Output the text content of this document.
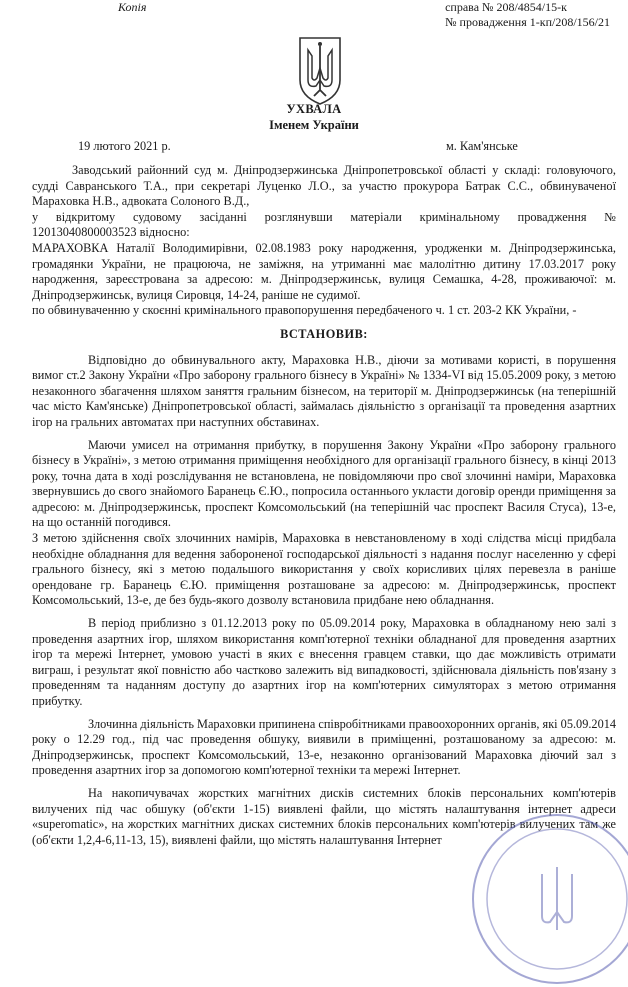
Копія	справа № 208/4854/15-к
№ провадження 1-кп/208/156/21
УХВАЛА
Іменем України
19 лютого 2021 р.	м. Кам'янське

Заводський районний суд м. Дніпродзержинська Дніпропетровської області у складі: головуючого, судді Савранського Т.А., при секретарі Луценко Л.О., за участю прокурора Батрак С.С., обвинуваченої Марахoвка Н.В., адвоката Солоного В.Д.,

у відкритому судовому засіданні розглянувши матеріали кримінальному провадження №

12013040800003523 відносно:

МАРАХОВКА Наталії Володимирівни, 02.08.1983 року народження, уродженки м. Дніпродзержинська, громадянки України, не працюючa, не заміжня, на утриманні має малолітню дитину 17.03.2017 року народження, зареєстрована за адресою: м. Дніпродзержинськ, вулиця Семашка, 4-28, проживаючої: м. Дніпродзержинськ, вулиця Сировця, 14-24, раніше не судимої.

по обвинуваченню у скоєнні кримінального правопорушення передбаченого ч. 1 ст. 203-2 КК України, -

ВСТАНОВИВ:

Відповідно до обвинувального акту, Марахoвка Н.В., діючи за мотивами користі, в порушення вимог ст.2 Закону України «Про заборону грального бізнесу в Україні» № 1334-VI від 15.05.2009 року, з метою незаконного збагачення шляхом заняття гральним бізнесом, на території м. Дніпродзержинськ (на теперішній час місто Кам'янське) Дніпропетровської області, займалась діяльністю з організації та проведення азартних ігор на гральних автоматах при наступних обставинах.

Маючи умисел на отримання прибутку, в порушення Закону України «Про заборону грального бізнесу в Україні», з метою отримання приміщення необхідного для організації грального бізнесу, в кінці 2013 року, точна дата в ході розслідування не встановлена, не повідомляючи про свої злочинні наміри, Марахoвка звернувшись до свого знайомого Баранець Є.Ю., попросила останнього укласти договір оренди приміщення за адресою: м. Дніпродзержинськ, проспект Комсомольський (на теперішній час проспект Василя Стуса), 13-е, на що останній погодився.

З метою здійснення своїх злочинних намірів, Марахoвка в невстановленому в ході слідства місці придбала необхідне обладнання для ведення забороненої господарської діяльності з надання послуг населенню у сфері грального бізнесу, які з метою подальшого використання у своїх корисливих цілях перевезла в раніше орендоване гр. Баранець Є.Ю. приміщення розташоване за адресою: м. Дніпродзержинськ, проспект Комсомольський, 13-е, де без будь-якого дозволу встановила придбане нею обладнання.

В період приблизно з 01.12.2013 року по 05.09.2014 року, Марахoвка в обладнаному нею залі з проведення азартних ігор, шляхом використання комп'ютерної техніки обладнаної для проведення азартних ігор та мережі Інтернет, умовою участі в яких є внесення гравцем ставки, що дає можливість отримати виграш, і результат якої повністю або частково залежить від випадковості, здійснювала діяльність пов'язану з проведенням та наданням доступу до азартних ігор на комп'ютерних симуляторах з метою отримання прибутку.

Злочинна діяльність Марахoвки припинена співробітниками правоохоронних органів, які 05.09.2014 року о 12.29 год., під час проведення обшуку, виявили в приміщенні, розташованому за адресою: м. Дніпродзержинськ, проспект Комсомольський, 13-е, незаконно організований Марахoвка діючий зал з проведення азартних ігор за допомогою комп'ютерної техніки та мережі Інтернет.

На накопичувачах жорстких магнітних дисків системних блоків персональних комп'ютерів вилучених під час обшуку (об'єкти 1-15) виявлені файли, що містять налаштування інтернет адреси «superomatic», на жорстких магнітних дисках системних блоків персональних комп'ютерів вилучених там же (об'єкти 1,2,4-6,11-13, 15), виявлені файли, що містять налаштування Інтернет
